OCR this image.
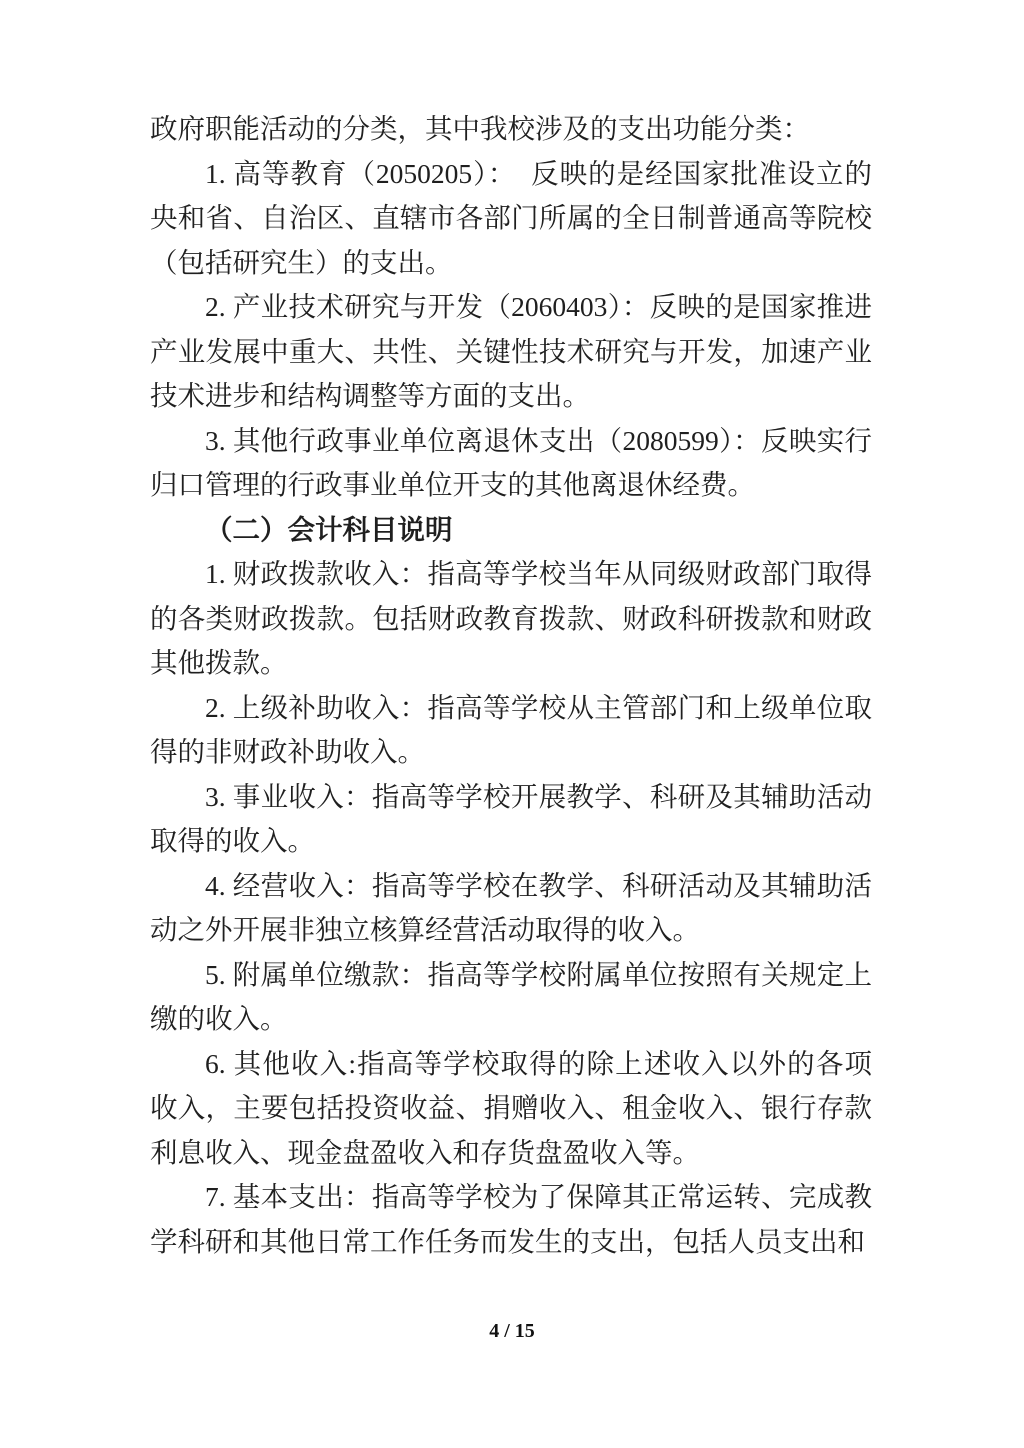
政府职能活动的分类，其中我校涉及的支出功能分类：

1. 高等教育（2050205）：　反映的是经国家批准设立的央和省、自治区、直辖市各部门所属的全日制普通高等院校（包括研究生）的支出。

2. 产业技术研究与开发（2060403）：反映的是国家推进产业发展中重大、共性、关键性技术研究与开发，加速产业技术进步和结构调整等方面的支出。

3. 其他行政事业单位离退休支出（2080599）：反映实行归口管理的行政事业单位开支的其他离退休经费。

（二）会计科目说明

1. 财政拨款收入：指高等学校当年从同级财政部门取得的各类财政拨款。包括财政教育拨款、财政科研拨款和财政其他拨款。

2. 上级补助收入：指高等学校从主管部门和上级单位取得的非财政补助收入。

3. 事业收入：指高等学校开展教学、科研及其辅助活动取得的收入。

4. 经营收入：指高等学校在教学、科研活动及其辅助活动之外开展非独立核算经营活动取得的收入。

5. 附属单位缴款：指高等学校附属单位按照有关规定上缴的收入。

6. 其他收入:指高等学校取得的除上述收入以外的各项收入，主要包括投资收益、捐赠收入、租金收入、银行存款利息收入、现金盘盈收入和存货盘盈收入等。

7. 基本支出：指高等学校为了保障其正常运转、完成教学科研和其他日常工作任务而发生的支出，包括人员支出和

4 / 15
